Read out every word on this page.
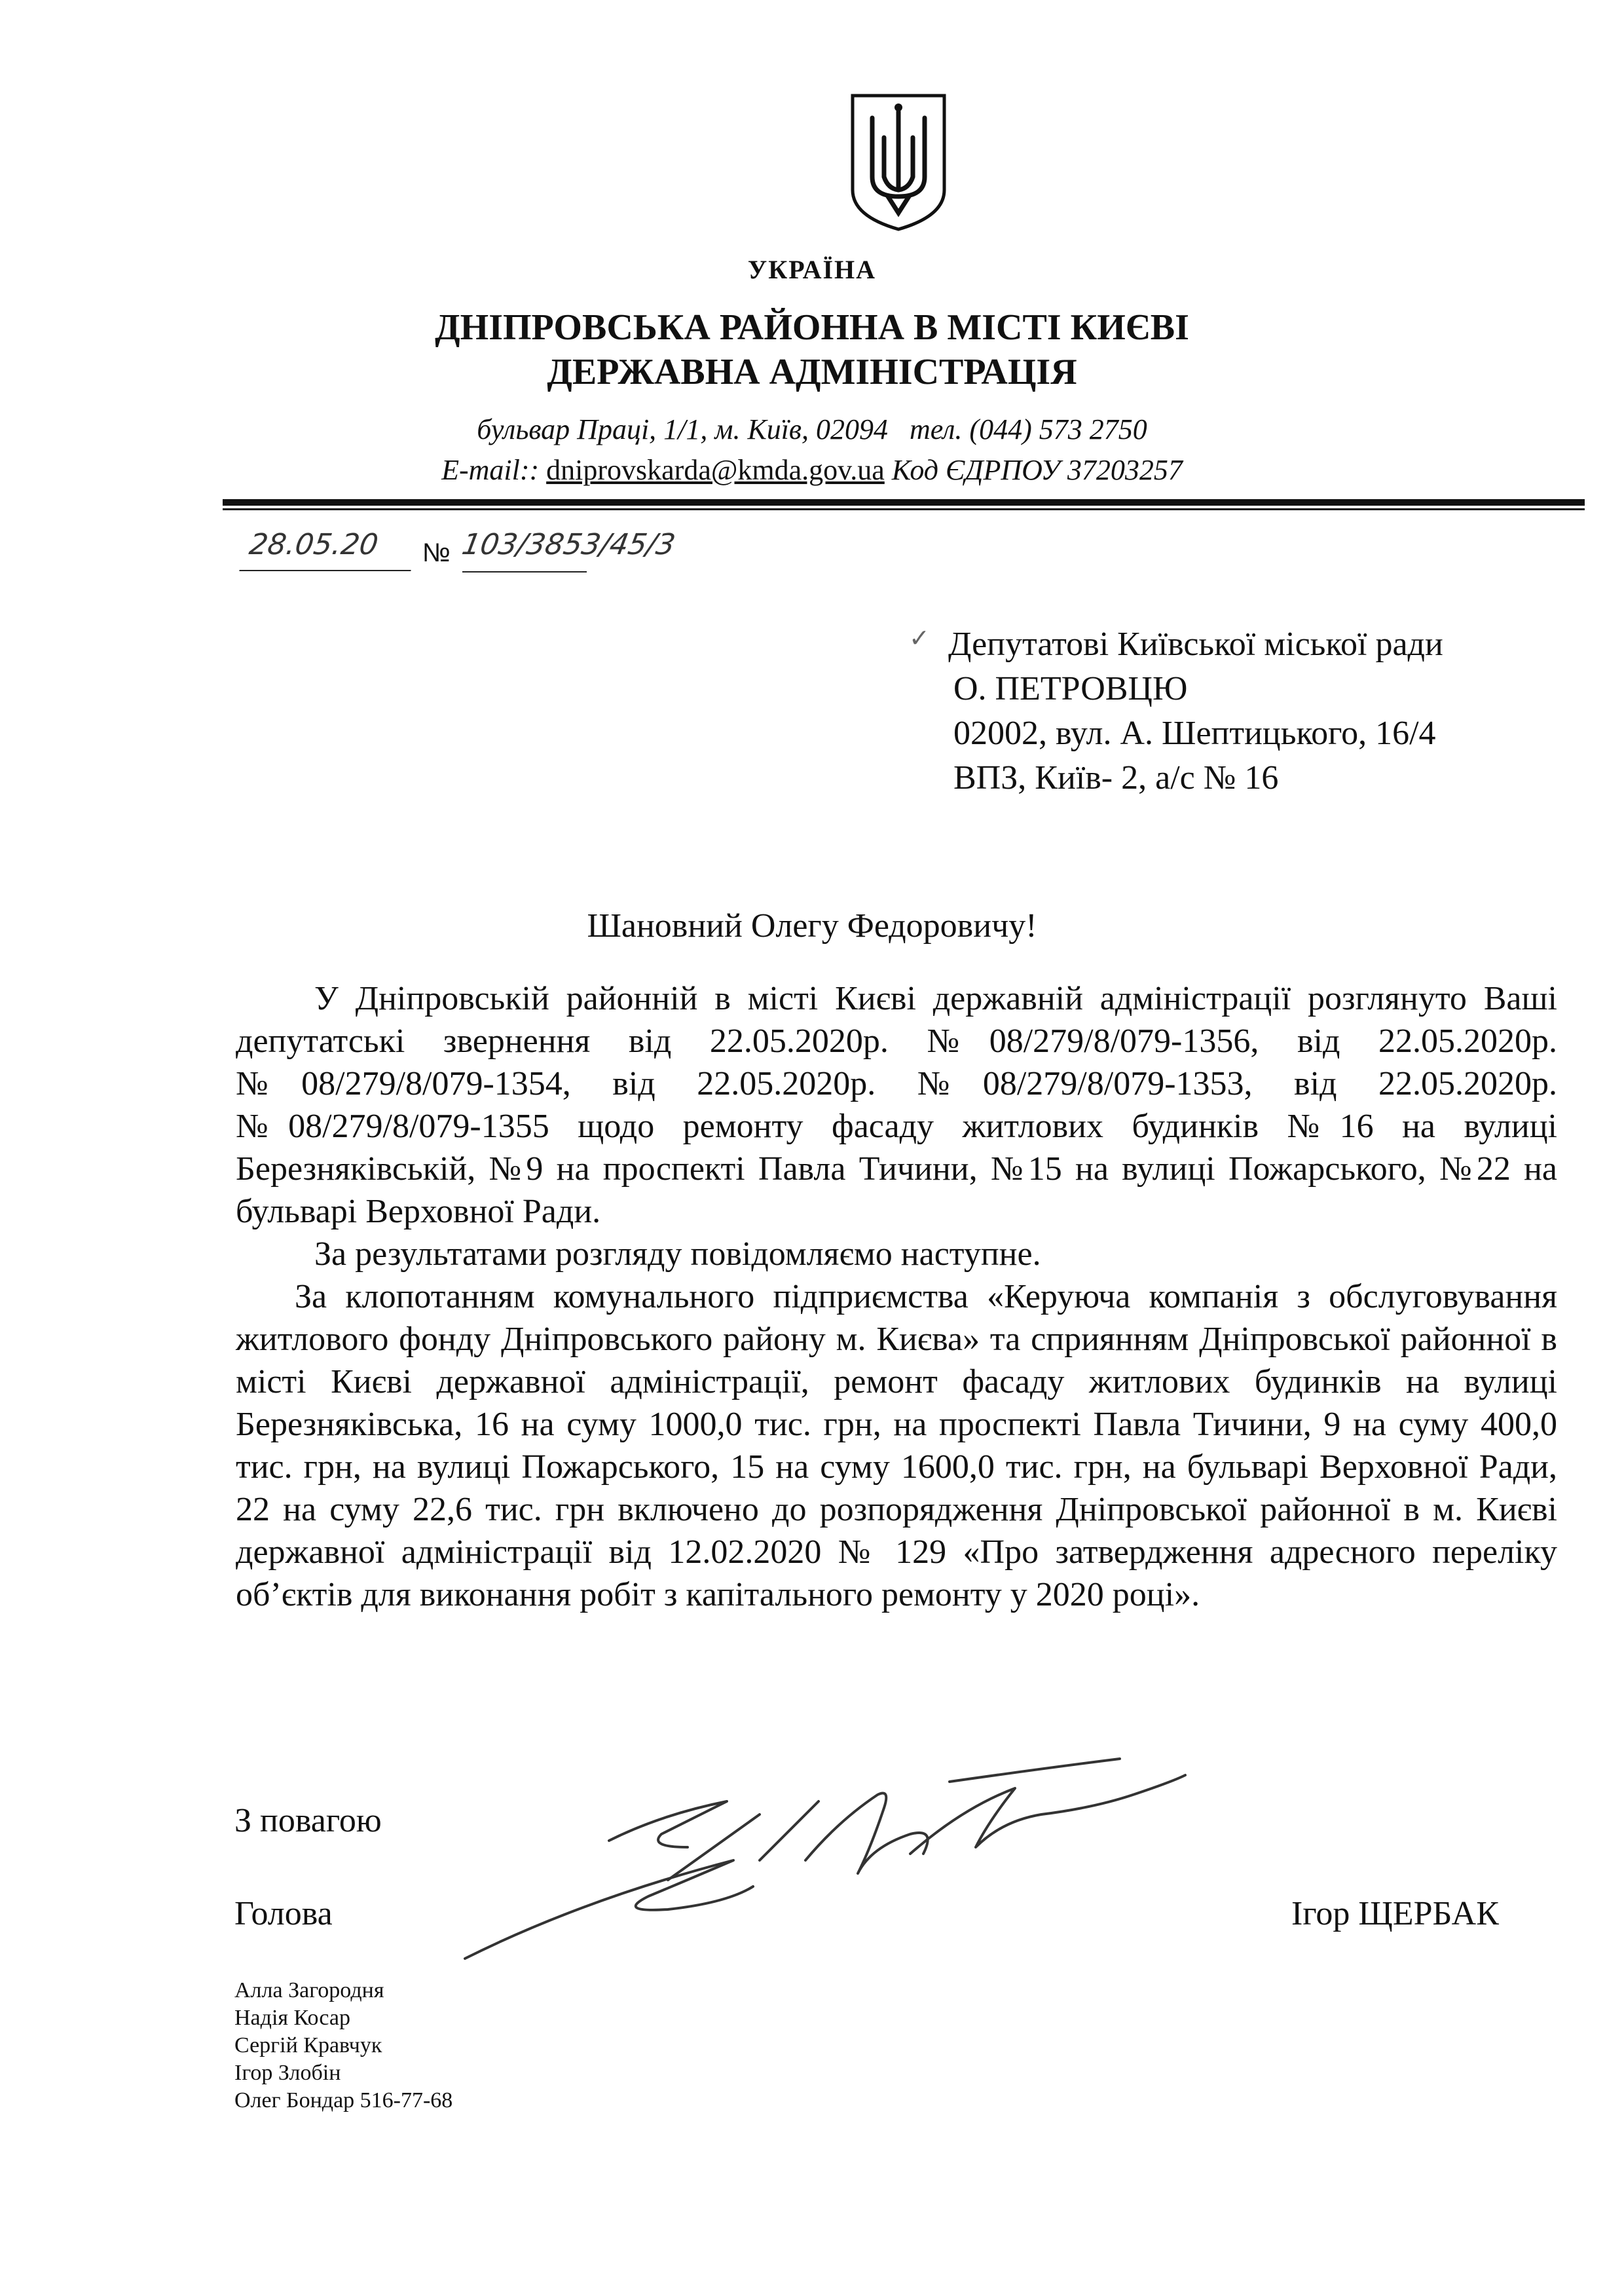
УКРАЇНА
ДНІПРОВСЬКА РАЙОННА В МІСТІ КИЄВІ
ДЕРЖАВНА АДМІНІСТРАЦІЯ
бульвар Праці, 1/1, м. Київ, 02094 тел. (044) 573 2750
E-mail:: dniprovskarda@kmda.gov.ua Код ЄДРПОУ 37203257
28.05.20	№ 103/3853/45/3
✓ Депутатові Київської міської ради
О. ПЕТРОВЦЮ
02002, вул. А. Шептицького, 16/4
ВПЗ, Київ- 2, а/с № 16
Шановний Олегу Федоровичу!

У Дніпровській районній в місті Києві державній адміністрації розглянуто Ваші депутатські звернення від 22.05.2020р. №08/279/8/079-1356, від 22.05.2020р. №08/279/8/079-1354, від 22.05.2020р. №08/279/8/079-1353, від 22.05.2020р. №08/279/8/079-1355 щодо ремонту фасаду житлових будинків №16 на вулиці Березняківській, №9 на проспекті Павла Тичини, №15 на вулиці Пожарського, №22 на бульварі Верховної Ради.

За результатами розгляду повідомляємо наступне.

За клопотанням комунального підприємства «Керуюча компанія з обслуговування житлового фонду Дніпровського району м. Києва» та сприянням Дніпровської районної в місті Києві державної адміністрації, ремонт фасаду житлових будинків на вулиці Березняківська, 16 на суму 1000,0 тис. грн, на проспекті Павла Тичини, 9 на суму 400,0 тис. грн, на вулиці Пожарського, 15 на суму 1600,0 тис. грн, на бульварі Верховної Ради, 22 на суму 22,6 тис. грн включено до розпорядження Дніпровської районної в м. Києві державної адміністрації від 12.02.2020 № 129 «Про затвердження адресного переліку об’єктів для виконання робіт з капітального ремонту у 2020 році».

З повагою
Голова	Ігор ЩЕРБАК
Алла Загородня
Надія Косар
Сергій Кравчук
Ігор Злобін
Олег Бондар 516-77-68
